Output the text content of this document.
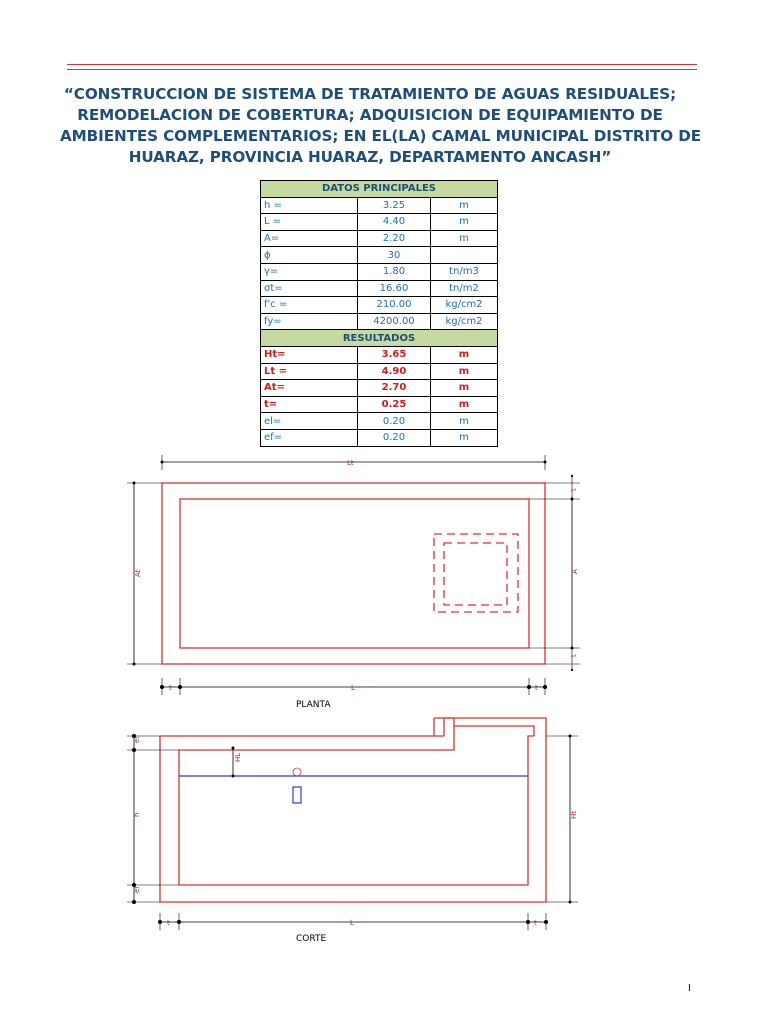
“CONSTRUCCION DE SISTEMA DE TRATAMIENTO DE AGUAS RESIDUALES;
REMODELACION DE COBERTURA; ADQUISICION DE EQUIPAMIENTO DE
AMBIENTES COMPLEMENTARIOS; EN EL(LA) CAMAL MUNICIPAL DISTRITO DE
HUARAZ, PROVINCIA HUARAZ, DEPARTAMENTO ANCASH”
DATOS PRINCIPALES		
h =	3.25	m
L =	4.40	m
A=	2.20	m
ϕ	30	
γ=	1.80	tn/m3
σt=	16.60	tn/m2
f'c =	210.00	kg/cm2
fy=	4200.00	kg/cm2
RESULTADOS		
Ht=	3.65	m
Lt =	4.90	m
At=	2.70	m
t=	0.25	m
el=	0.20	m
ef=	0.20	m
Lt
At	A
t
t
L
t	t
PLANTA
HL
el
h
ef
Ht
L
t	t
CORTE
I
